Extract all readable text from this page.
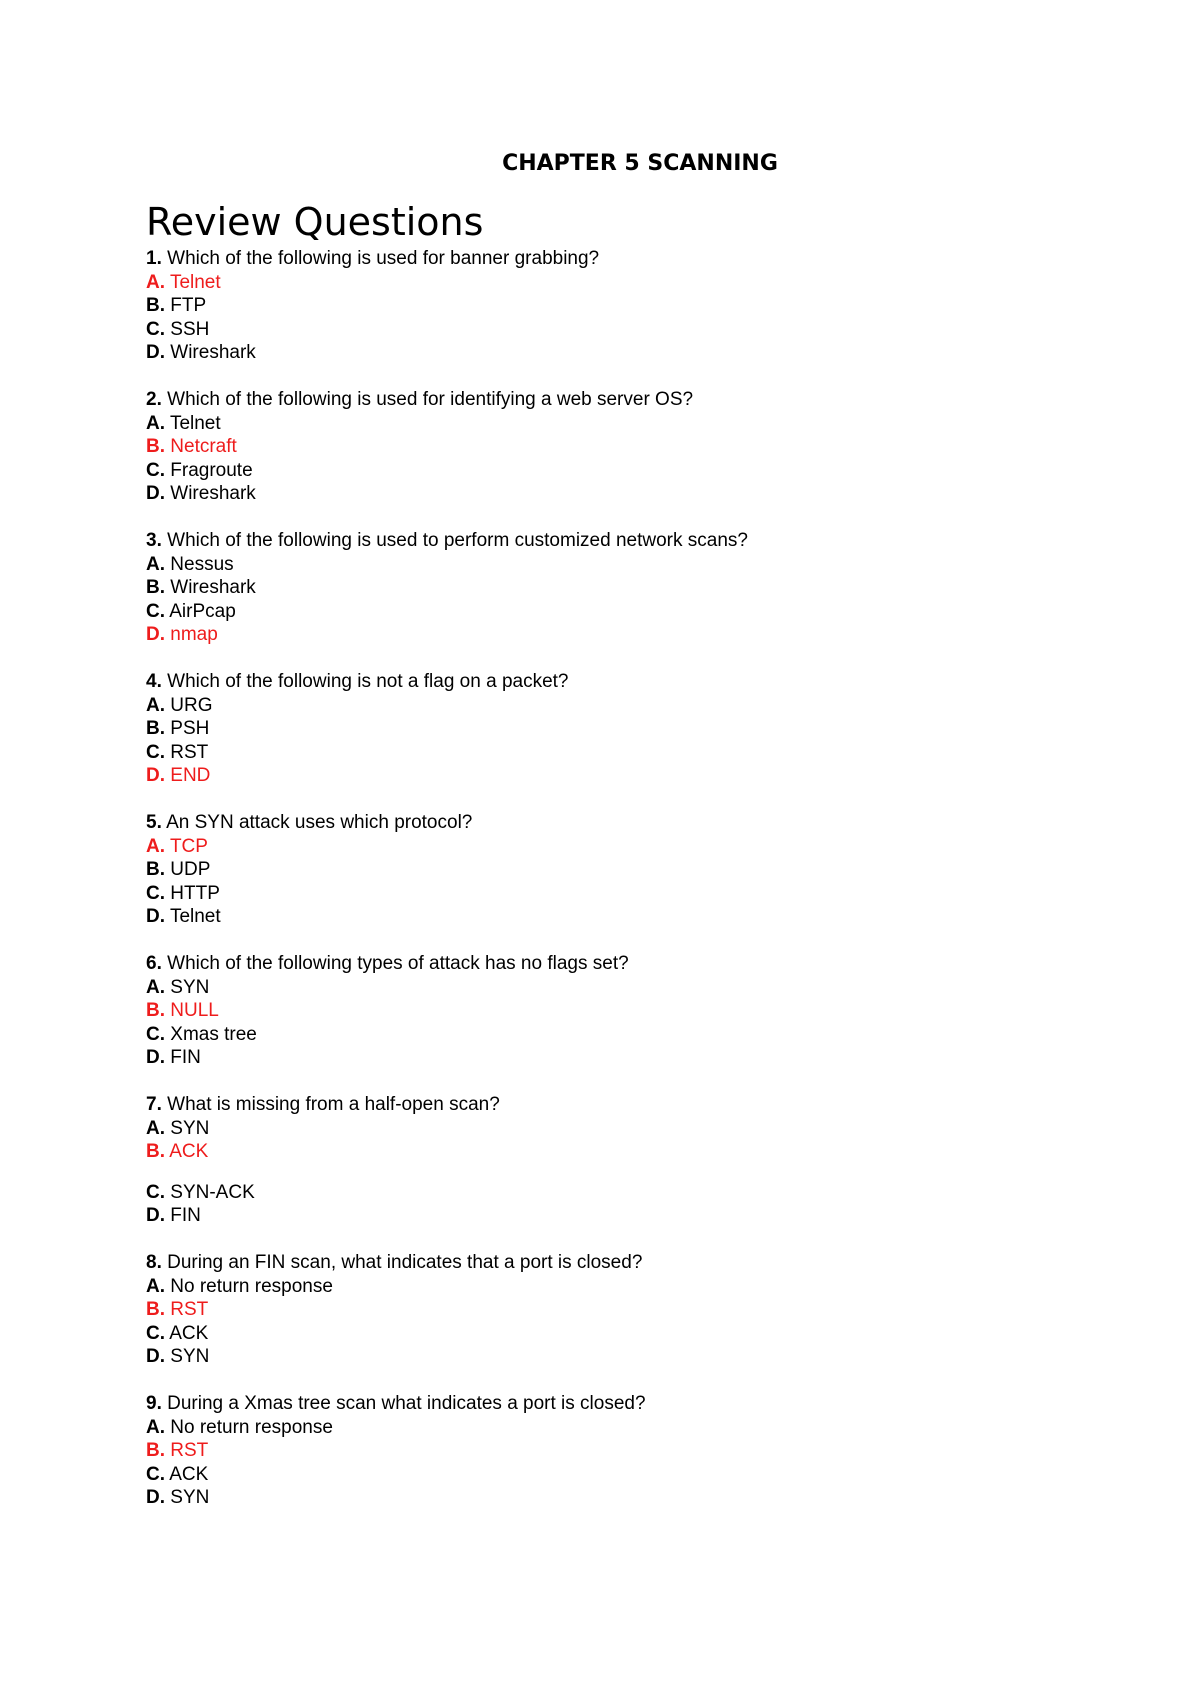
CHAPTER 5 SCANNING
Review Questions
1. Which of the following is used for banner grabbing?
A. Telnet
B. FTP
C. SSH
D. Wireshark
2. Which of the following is used for identifying a web server OS?
A. Telnet
B. Netcraft
C. Fragroute
D. Wireshark
3. Which of the following is used to perform customized network scans?
A. Nessus
B. Wireshark
C. AirPcap
D. nmap
4. Which of the following is not a flag on a packet?
A. URG
B. PSH
C. RST
D. END
5. An SYN attack uses which protocol?
A. TCP
B. UDP
C. HTTP
D. Telnet
6. Which of the following types of attack has no flags set?
A. SYN
B. NULL
C. Xmas tree
D. FIN
7. What is missing from a half-open scan?
A. SYN
B. ACK
C. SYN-ACK
D. FIN
8. During an FIN scan, what indicates that a port is closed?
A. No return response
B. RST
C. ACK
D. SYN
9. During a Xmas tree scan what indicates a port is closed?
A. No return response
B. RST
C. ACK
D. SYN
